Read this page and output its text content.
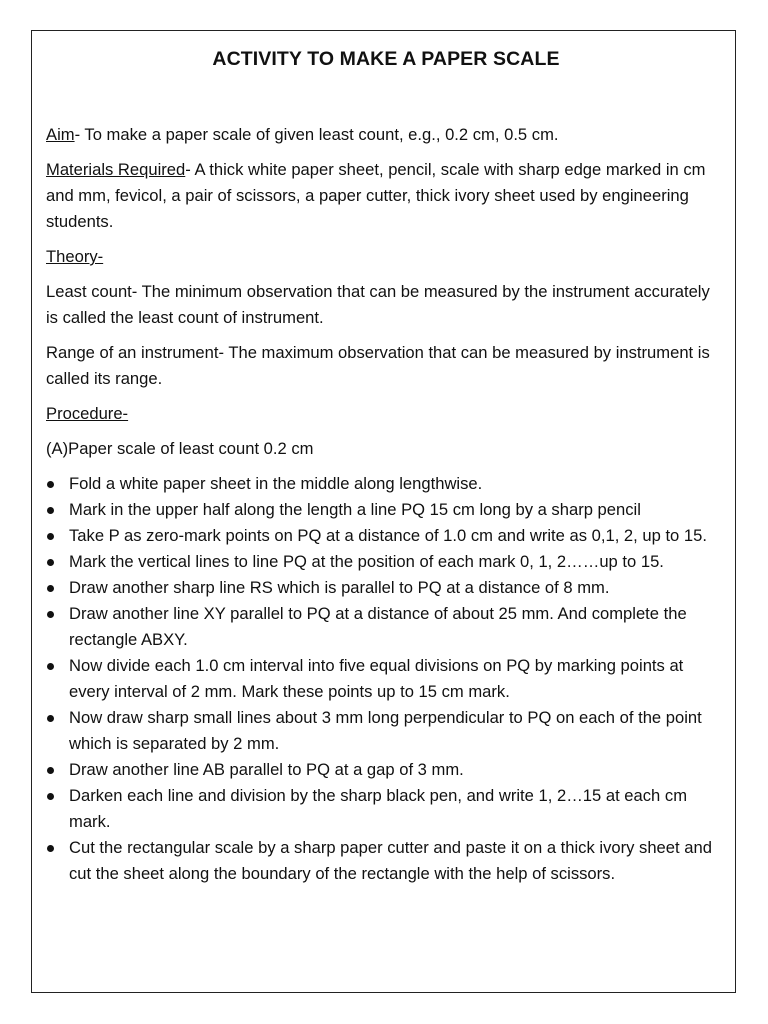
ACTIVITY TO MAKE A PAPER SCALE

Aim- To make a paper scale of given least count, e.g., 0.2 cm, 0.5 cm.

Materials Required- A thick white paper sheet, pencil, scale with sharp edge marked in cm and mm, fevicol, a pair of scissors, a paper cutter, thick ivory sheet used by engineering students.

Theory-

Least count- The minimum observation that can be measured by the instrument accurately is called the least count of instrument.

Range of an instrument- The maximum observation that can be measured by instrument is called its range.

Procedure-

(A)Paper scale of least count 0.2 cm

Fold a white paper sheet in the middle along lengthwise.
Mark in the upper half along the length a line PQ 15 cm long by a sharp pencil
Take P as zero-mark points on PQ at a distance of 1.0 cm and write as 0,1, 2, up to 15.
Mark the vertical lines to line PQ at the position of each mark 0, 1, 2……up to 15.
Draw another sharp line RS which is parallel to PQ at a distance of 8 mm.
Draw another line XY parallel to PQ at a distance of about 25 mm. And complete the rectangle ABXY.
Now divide each 1.0 cm interval into five equal divisions on PQ by marking points at every interval of 2 mm. Mark these points up to 15 cm mark.
Now draw sharp small lines about 3 mm long perpendicular to PQ on each of the point which is separated by 2 mm.
Draw another line AB parallel to PQ at a gap of 3 mm.
Darken each line and division by the sharp black pen, and write 1, 2…15 at each cm mark.
Cut the rectangular scale by a sharp paper cutter and paste it on a thick ivory sheet and cut the sheet along the boundary of the rectangle with the help of scissors.
